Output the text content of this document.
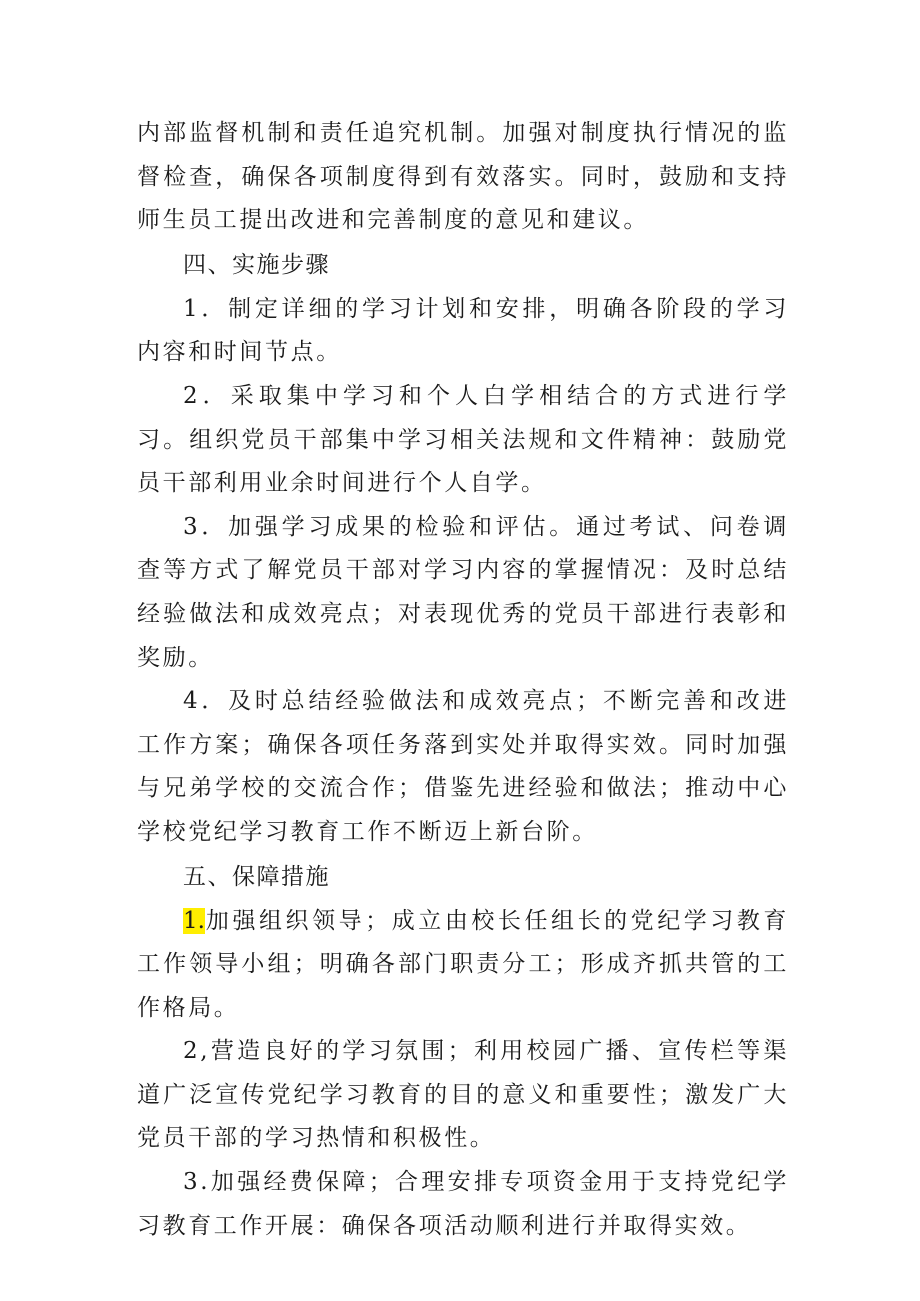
内部监督机制和责任追究机制。加强对制度执行情况的监督检查，确保各项制度得到有效落实。同时，鼓励和支持师生员工提出改进和完善制度的意见和建议。

四、实施步骤

1．制定详细的学习计划和安排，明确各阶段的学习内容和时间节点。

2．采取集中学习和个人白学相结合的方式进行学习。组织党员干部集中学习相关法规和文件精神：鼓励党员干部利用业余时间进行个人自学。

3．加强学习成果的检验和评估。通过考试、问卷调查等方式了解党员干部对学习内容的掌握情况：及时总结经验做法和成效亮点；对表现优秀的党员干部进行表彰和奖励。

4．及时总结经验做法和成效亮点；不断完善和改进工作方案；确保各项任务落到实处并取得实效。同时加强与兄弟学校的交流合作；借鉴先进经验和做法；推动中心学校党纪学习教育工作不断迈上新台阶。

五、保障措施

1.加强组织领导；成立由校长任组长的党纪学习教育工作领导小组；明确各部门职责分工；形成齐抓共管的工作格局。

2,营造良好的学习氛围；利用校园广播、宣传栏等渠道广泛宣传党纪学习教育的目的意义和重要性；激发广大党员干部的学习热情和积极性。

3.加强经费保障；合理安排专项资金用于支持党纪学习教育工作开展：确保各项活动顺利进行并取得实效。
